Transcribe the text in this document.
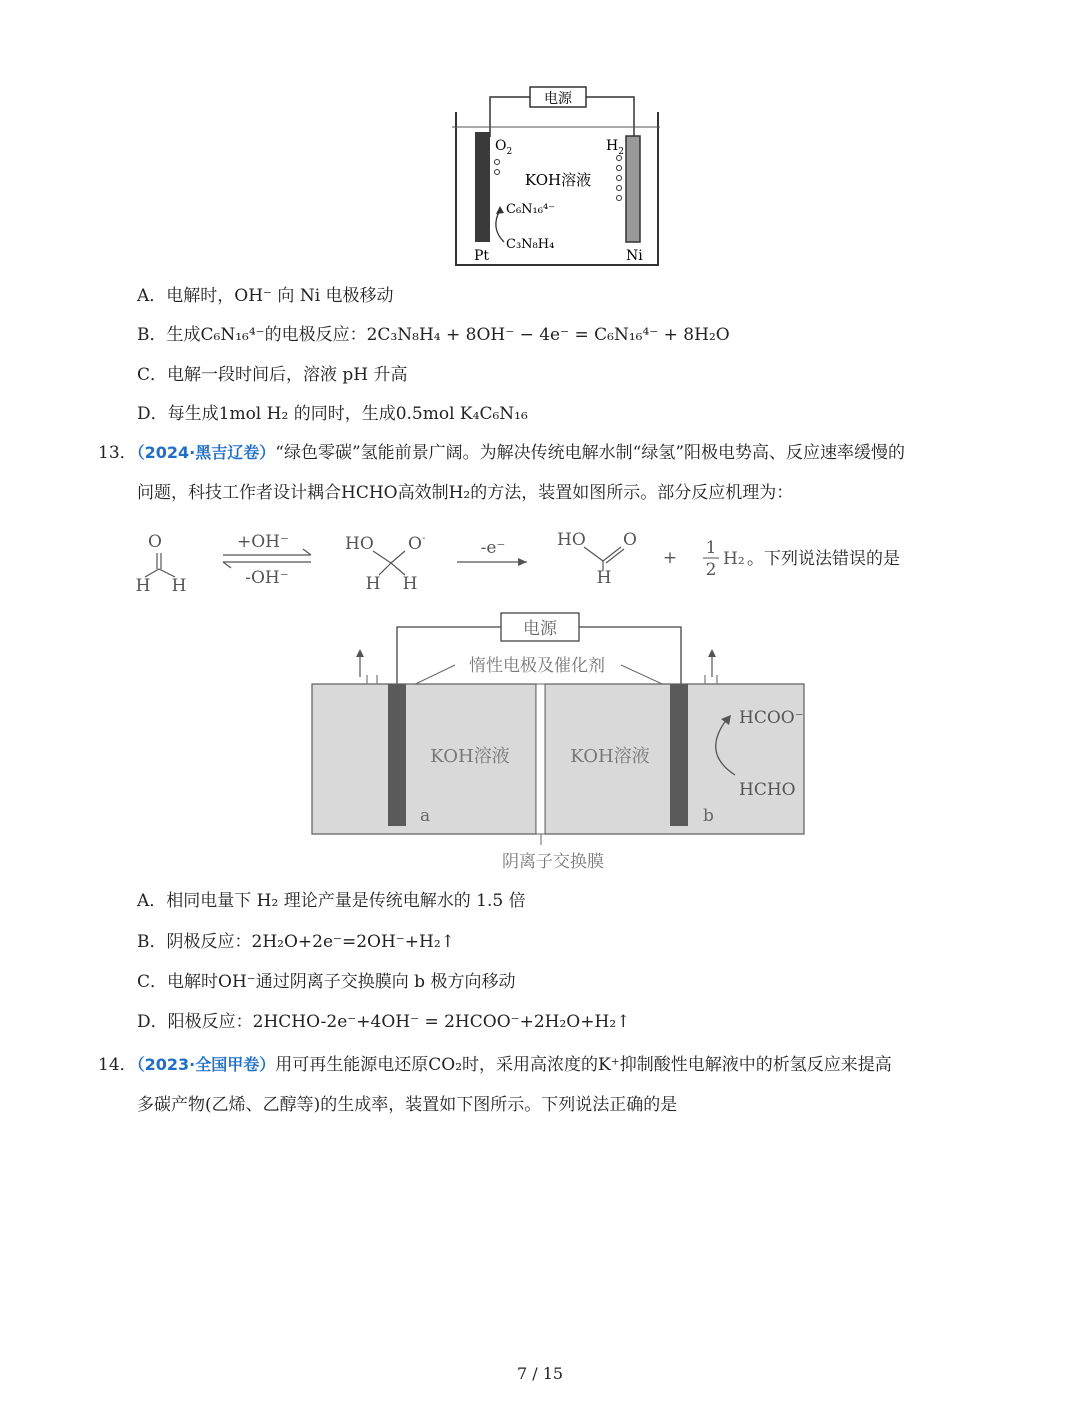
电源
$O_2$	$H_2$
KOH溶液
C₆N₁₆⁴⁻
C₃N₈H₄
Pt	Ni
A．电解时，OH⁻ 向 Ni 电极移动
B．生成C₆N₁₆⁴⁻的电极反应：2C₃N₈H₄ + 8OH⁻ − 4e⁻ = C₆N₁₆⁴⁻ + 8H₂O
C．电解一段时间后，溶液 pH 升高
D．每生成1mol H₂ 的同时，生成0.5mol K₄C₆N₁₆
13．（2024·黑吉辽卷）“绿色零碳”氢能前景广阔。为解决传统电解水制“绿氢”阳极电势高、反应速率缓慢的
问题，科技工作者设计耦合HCHO高效制H₂的方法，装置如图所示。部分反应机理为：
O
H H
+OH⁻
-OH⁻
HO O-
H H
-e⁻	HO O
H
+ 1
2
H₂ 。下列说法错误的是
电源
惰性电极及催化剂
KOH溶液	KOH溶液
a	b
HCOO⁻
HCHO
阴离子交换膜
A．相同电量下 H₂ 理论产量是传统电解水的 1.5 倍
B．阴极反应：2H₂O+2e⁻=2OH⁻+H₂↑
C．电解时OH⁻通过阴离子交换膜向 b 极方向移动
D．阳极反应：2HCHO-2e⁻+4OH⁻ = 2HCOO⁻+2H₂O+H₂↑
14．（2023·全国甲卷）用可再生能源电还原CO₂时，采用高浓度的K⁺抑制酸性电解液中的析氢反应来提高
多碳产物(乙烯、乙醇等)的生成率，装置如下图所示。下列说法正确的是
7 / 15
